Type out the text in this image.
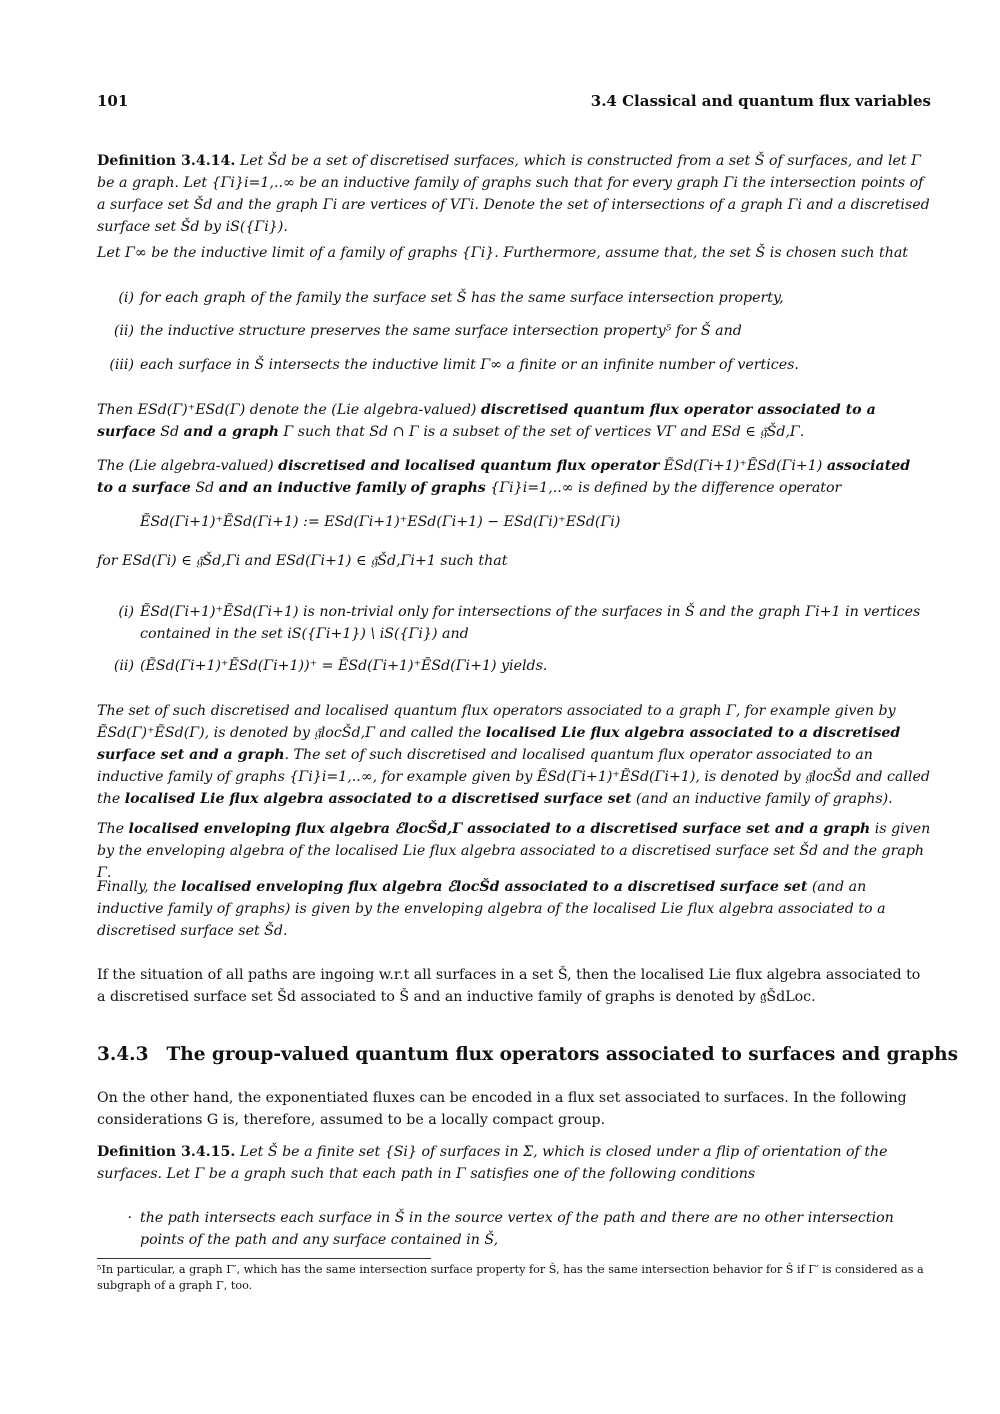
101	3.4 Classical and quantum flux variables
Definition 3.4.14. Let Šd be a set of discretised surfaces, which is constructed from a set Š of surfaces, and let Γ be a graph. Let {Γi}i=1,..∞ be an inductive family of graphs such that for every graph Γi the intersection points of a surface set Šd and the graph Γi are vertices of VΓi. Denote the set of intersections of a graph Γi and a discretised surface set Šd by iS({Γi}).
Let Γ∞ be the inductive limit of a family of graphs {Γi}. Furthermore, assume that, the set Š is chosen such that
(i) for each graph of the family the surface set Š has the same surface intersection property,
(ii) the inductive structure preserves the same surface intersection property⁵ for Š and
(iii) each surface in Š intersects the inductive limit Γ∞ a finite or an infinite number of vertices.
Then ESd(Γ)⁺ESd(Γ) denote the (Lie algebra-valued) discretised quantum flux operator associated to a surface Sd and a graph Γ such that Sd ∩ Γ is a subset of the set of vertices VΓ and ESd ∈ 𝔤̄Šd,Γ.
The (Lie algebra-valued) discretised and localised quantum flux operator ẼSd(Γi+1)⁺ẼSd(Γi+1) associated to a surface Sd and an inductive family of graphs {Γi}i=1,..∞ is defined by the difference operator
ẼSd(Γi+1)⁺ẼSd(Γi+1) := ESd(Γi+1)⁺ESd(Γi+1) − ESd(Γi)⁺ESd(Γi)
for ESd(Γi) ∈ 𝔤̄Šd,Γi and ESd(Γi+1) ∈ 𝔤̄Šd,Γi+1 such that
(i) ẼSd(Γi+1)⁺ẼSd(Γi+1) is non-trivial only for intersections of the surfaces in Š and the graph Γi+1 in vertices contained in the set iS({Γi+1}) \ iS({Γi}) and
(ii) (ẼSd(Γi+1)⁺ẼSd(Γi+1))⁺ = ẼSd(Γi+1)⁺ẼSd(Γi+1) yields.
The set of such discretised and localised quantum flux operators associated to a graph Γ, for example given by ẼSd(Γ)⁺ẼSd(Γ), is denoted by 𝔤̄locŠd,Γ and called the localised Lie flux algebra associated to a discretised surface set and a graph. The set of such discretised and localised quantum flux operator associated to an inductive family of graphs {Γi}i=1,..∞, for example given by ẼSd(Γi+1)⁺ẼSd(Γi+1), is denoted by 𝔤̄locŠd and called the localised Lie flux algebra associated to a discretised surface set (and an inductive family of graphs).
The localised enveloping flux algebra ℰlocŠd,Γ associated to a discretised surface set and a graph is given by the enveloping algebra of the localised Lie flux algebra associated to a discretised surface set Šd and the graph Γ.
Finally, the localised enveloping flux algebra ℰlocŠd associated to a discretised surface set (and an inductive family of graphs) is given by the enveloping algebra of the localised Lie flux algebra associated to a discretised surface set Šd.
If the situation of all paths are ingoing w.r.t all surfaces in a set Š, then the localised Lie flux algebra associated to a discretised surface set Šd associated to Š and an inductive family of graphs is denoted by 𝔤̄ŠdLoc.
3.4.3 The group-valued quantum flux operators associated to surfaces and graphs
On the other hand, the exponentiated fluxes can be encoded in a flux set associated to surfaces. In the following considerations G is, therefore, assumed to be a locally compact group.
Definition 3.4.15. Let Š be a finite set {Si} of surfaces in Σ, which is closed under a flip of orientation of the surfaces. Let Γ be a graph such that each path in Γ satisfies one of the following conditions
· the path intersects each surface in Š in the source vertex of the path and there are no other intersection points of the path and any surface contained in Š,
⁵In particular, a graph Γ′, which has the same intersection surface property for Š, has the same intersection behavior for Š if Γ′ is considered as a subgraph of a graph Γ, too.
